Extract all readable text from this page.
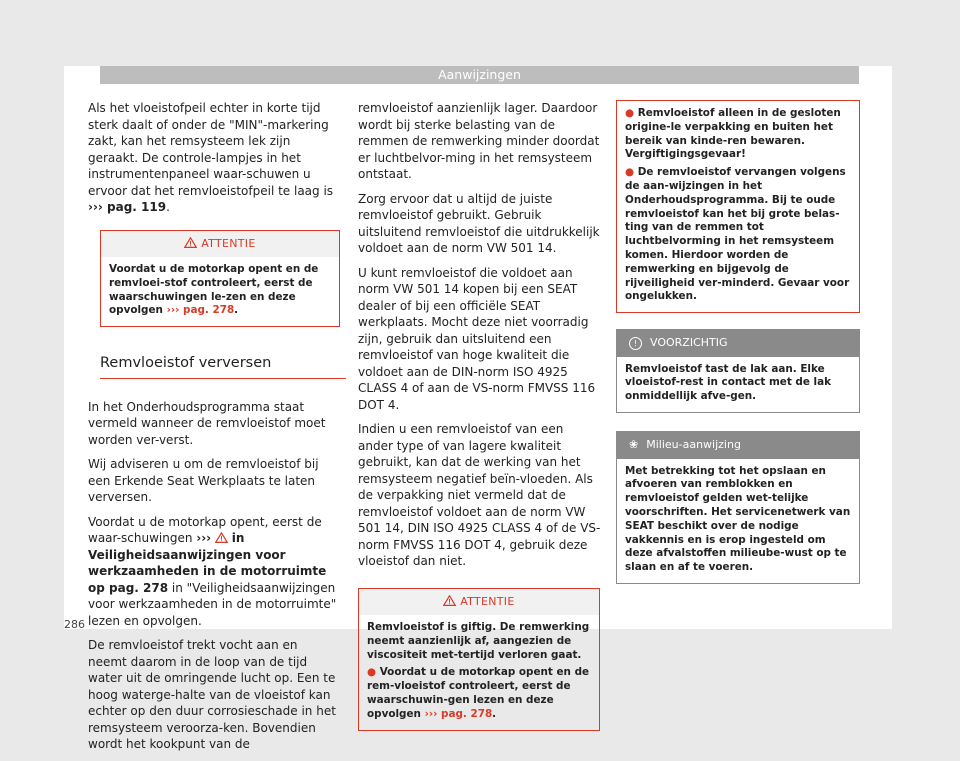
Aanwijzingen

Als het vloeistofpeil echter in korte tijd sterk daalt of onder de "MIN"-markering zakt, kan het remsysteem lek zijn geraakt. De controle-lampjes in het instrumentenpaneel waar-schuwen u ervoor dat het remvloeistofpeil te laag is ››› pag. 119.

ATTENTIE
Voordat u de motorkap opent en de remvloei-stof controleert, eerst de waarschuwingen le-zen en deze opvolgen ››› pag. 278.

Remvloeistof verversen

In het Onderhoudsprogramma staat vermeld wanneer de remvloeistof moet worden ver-verst.

Wij adviseren u om de remvloeistof bij een Erkende Seat Werkplaats te laten verversen.

Voordat u de motorkap opent, eerst de waar-schuwingen ››› in Veiligheidsaanwijzingen voor werkzaamheden in de motorruimte op pag. 278 in "Veiligheidsaanwijzingen voor werkzaamheden in de motorruimte" lezen en opvolgen.

De remvloeistof trekt vocht aan en neemt daarom in de loop van de tijd water uit de omringende lucht op. Een te hoog waterge-halte van de vloeistof kan echter op den duur corrosieschade in het remsysteem veroorza-ken. Bovendien wordt het kookpunt van de

remvloeistof aanzienlijk lager. Daardoor wordt bij sterke belasting van de remmen de remwerking minder doordat er luchtbelvor-ming in het remsysteem ontstaat.

Zorg ervoor dat u altijd de juiste remvloeistof gebruikt. Gebruik uitsluitend remvloeistof die uitdrukkelijk voldoet aan de norm VW 501 14.

U kunt remvloeistof die voldoet aan norm VW 501 14 kopen bij een SEAT dealer of bij een officiële SEAT werkplaats. Mocht deze niet voorradig zijn, gebruik dan uitsluitend een remvloeistof van hoge kwaliteit die voldoet aan de DIN-norm ISO 4925 CLASS 4 of aan de VS-norm FMVSS 116 DOT 4.

Indien u een remvloeistof van een ander type of van lagere kwaliteit gebruikt, kan dat de werking van het remsysteem negatief beïn-vloeden. Als de verpakking niet vermeld dat de remvloeistof voldoet aan de norm VW 501 14, DIN ISO 4925 CLASS 4 of de VS-norm FMVSS 116 DOT 4, gebruik deze vloeistof dan niet.

ATTENTIE

Remvloeistof is giftig. De remwerking neemt aanzienlijk af, aangezien de viscositeit met-tertijd verloren gaat.

● Voordat u de motorkap opent en de rem-vloeistof controleert, eerst de waarschuwin-gen lezen en deze opvolgen ››› pag. 278.

● Remvloeistof alleen in de gesloten origine-le verpakking en buiten het bereik van kinde-ren bewaren. Vergiftigingsgevaar!

● De remvloeistof vervangen volgens de aan-wijzingen in het Onderhoudsprogramma. Bij te oude remvloeistof kan het bij grote belas-ting van de remmen tot luchtbelvorming in het remsysteem komen. Hierdoor worden de remwerking en bijgevolg de rijveiligheid ver-minderd. Gevaar voor ongelukken.

! VOORZICHTIG
Remvloeistof tast de lak aan. Elke vloeistof-rest in contact met de lak onmiddellijk afve-gen.
❀ Milieu-aanwijzing
Met betrekking tot het opslaan en afvoeren van remblokken en remvloeistof gelden wet-telijke voorschriften. Het servicenetwerk van SEAT beschikt over de nodige vakkennis en is erop ingesteld om deze afvalstoffen milieube-wust op te slaan en af te voeren.
286
